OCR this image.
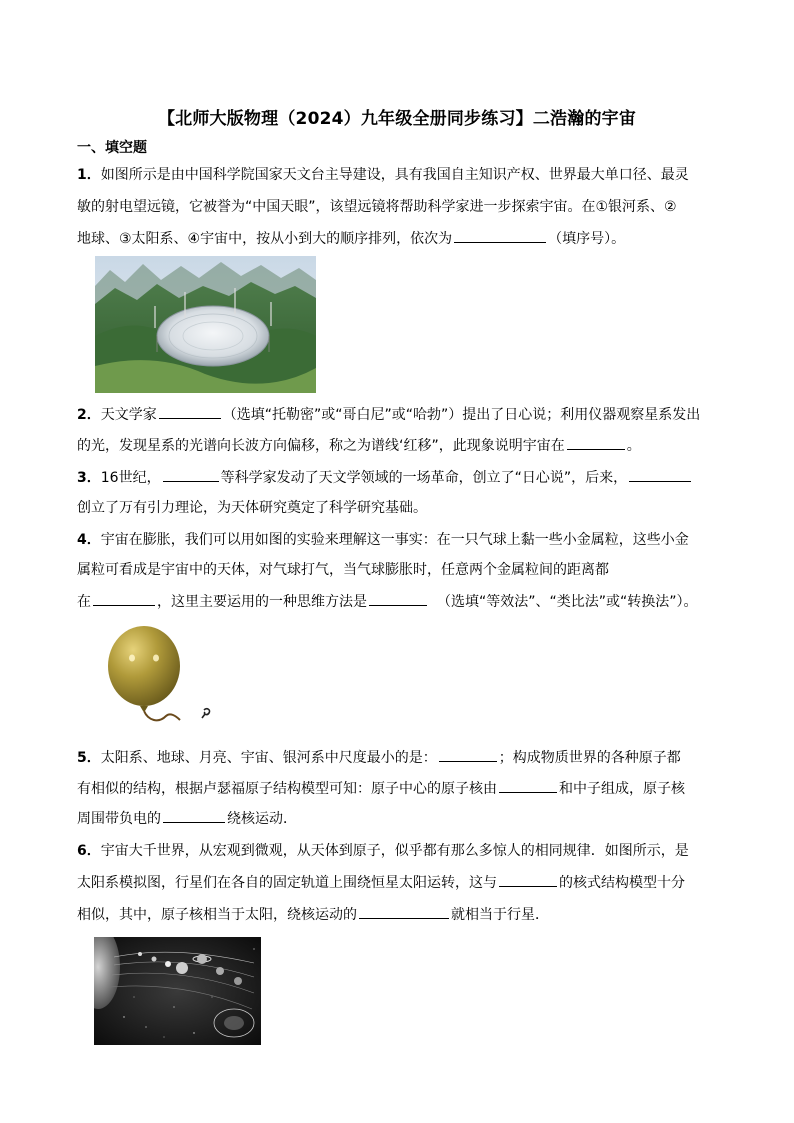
【北师大版物理（2024）九年级全册同步练习】二浩瀚的宇宙
一、填空题
1．如图所示是由中国科学院国家天文台主导建设，具有我国自主知识产权、世界最大单口径、最灵
敏的射电望远镜，它被誉为“中国天眼”，该望远镜将帮助科学家进一步探索宇宙。在①银河系、②
地球、③太阳系、④宇宙中，按从小到大的顺序排列，依次为	（填序号）。
2．天文学家	（选填“托勒密”或“哥白尼”或“哈勃”）提出了日心说；利用仪器观察星系发出
的光，发现星系的光谱向长波方向偏移，称之为谱线‘红移”，此现象说明宇宙在	。
3．16世纪，	等科学家发动了天文学领域的一场革命，创立了“日心说”，后来，
创立了万有引力理论，为天体研究奠定了科学研究基础。
4．宇宙在膨胀，我们可以用如图的实验来理解这一事实：在一只气球上黏一些小金属粒，这些小金
属粒可看成是宇宙中的天体，对气球打气，当气球膨胀时，任意两个金属粒间的距离都
在	，这里主要运用的一种思维方法是	（选填“等效法”、“类比法”或“转换法”）。
5．太阳系、地球、月亮、宇宙、银河系中尺度最小的是：	；构成物质世界的各种原子都
有相似的结构，根据卢瑟福原子结构模型可知：原子中心的原子核由	和中子组成，原子核
周围带负电的	绕核运动．
6．宇宙大千世界，从宏观到微观，从天体到原子，似乎都有那么多惊人的相同规律．如图所示，是
太阳系模拟图，行星们在各自的固定轨道上围绕恒星太阳运转，这与	的核式结构模型十分
相似，其中，原子核相当于太阳，绕核运动的	就相当于行星．
